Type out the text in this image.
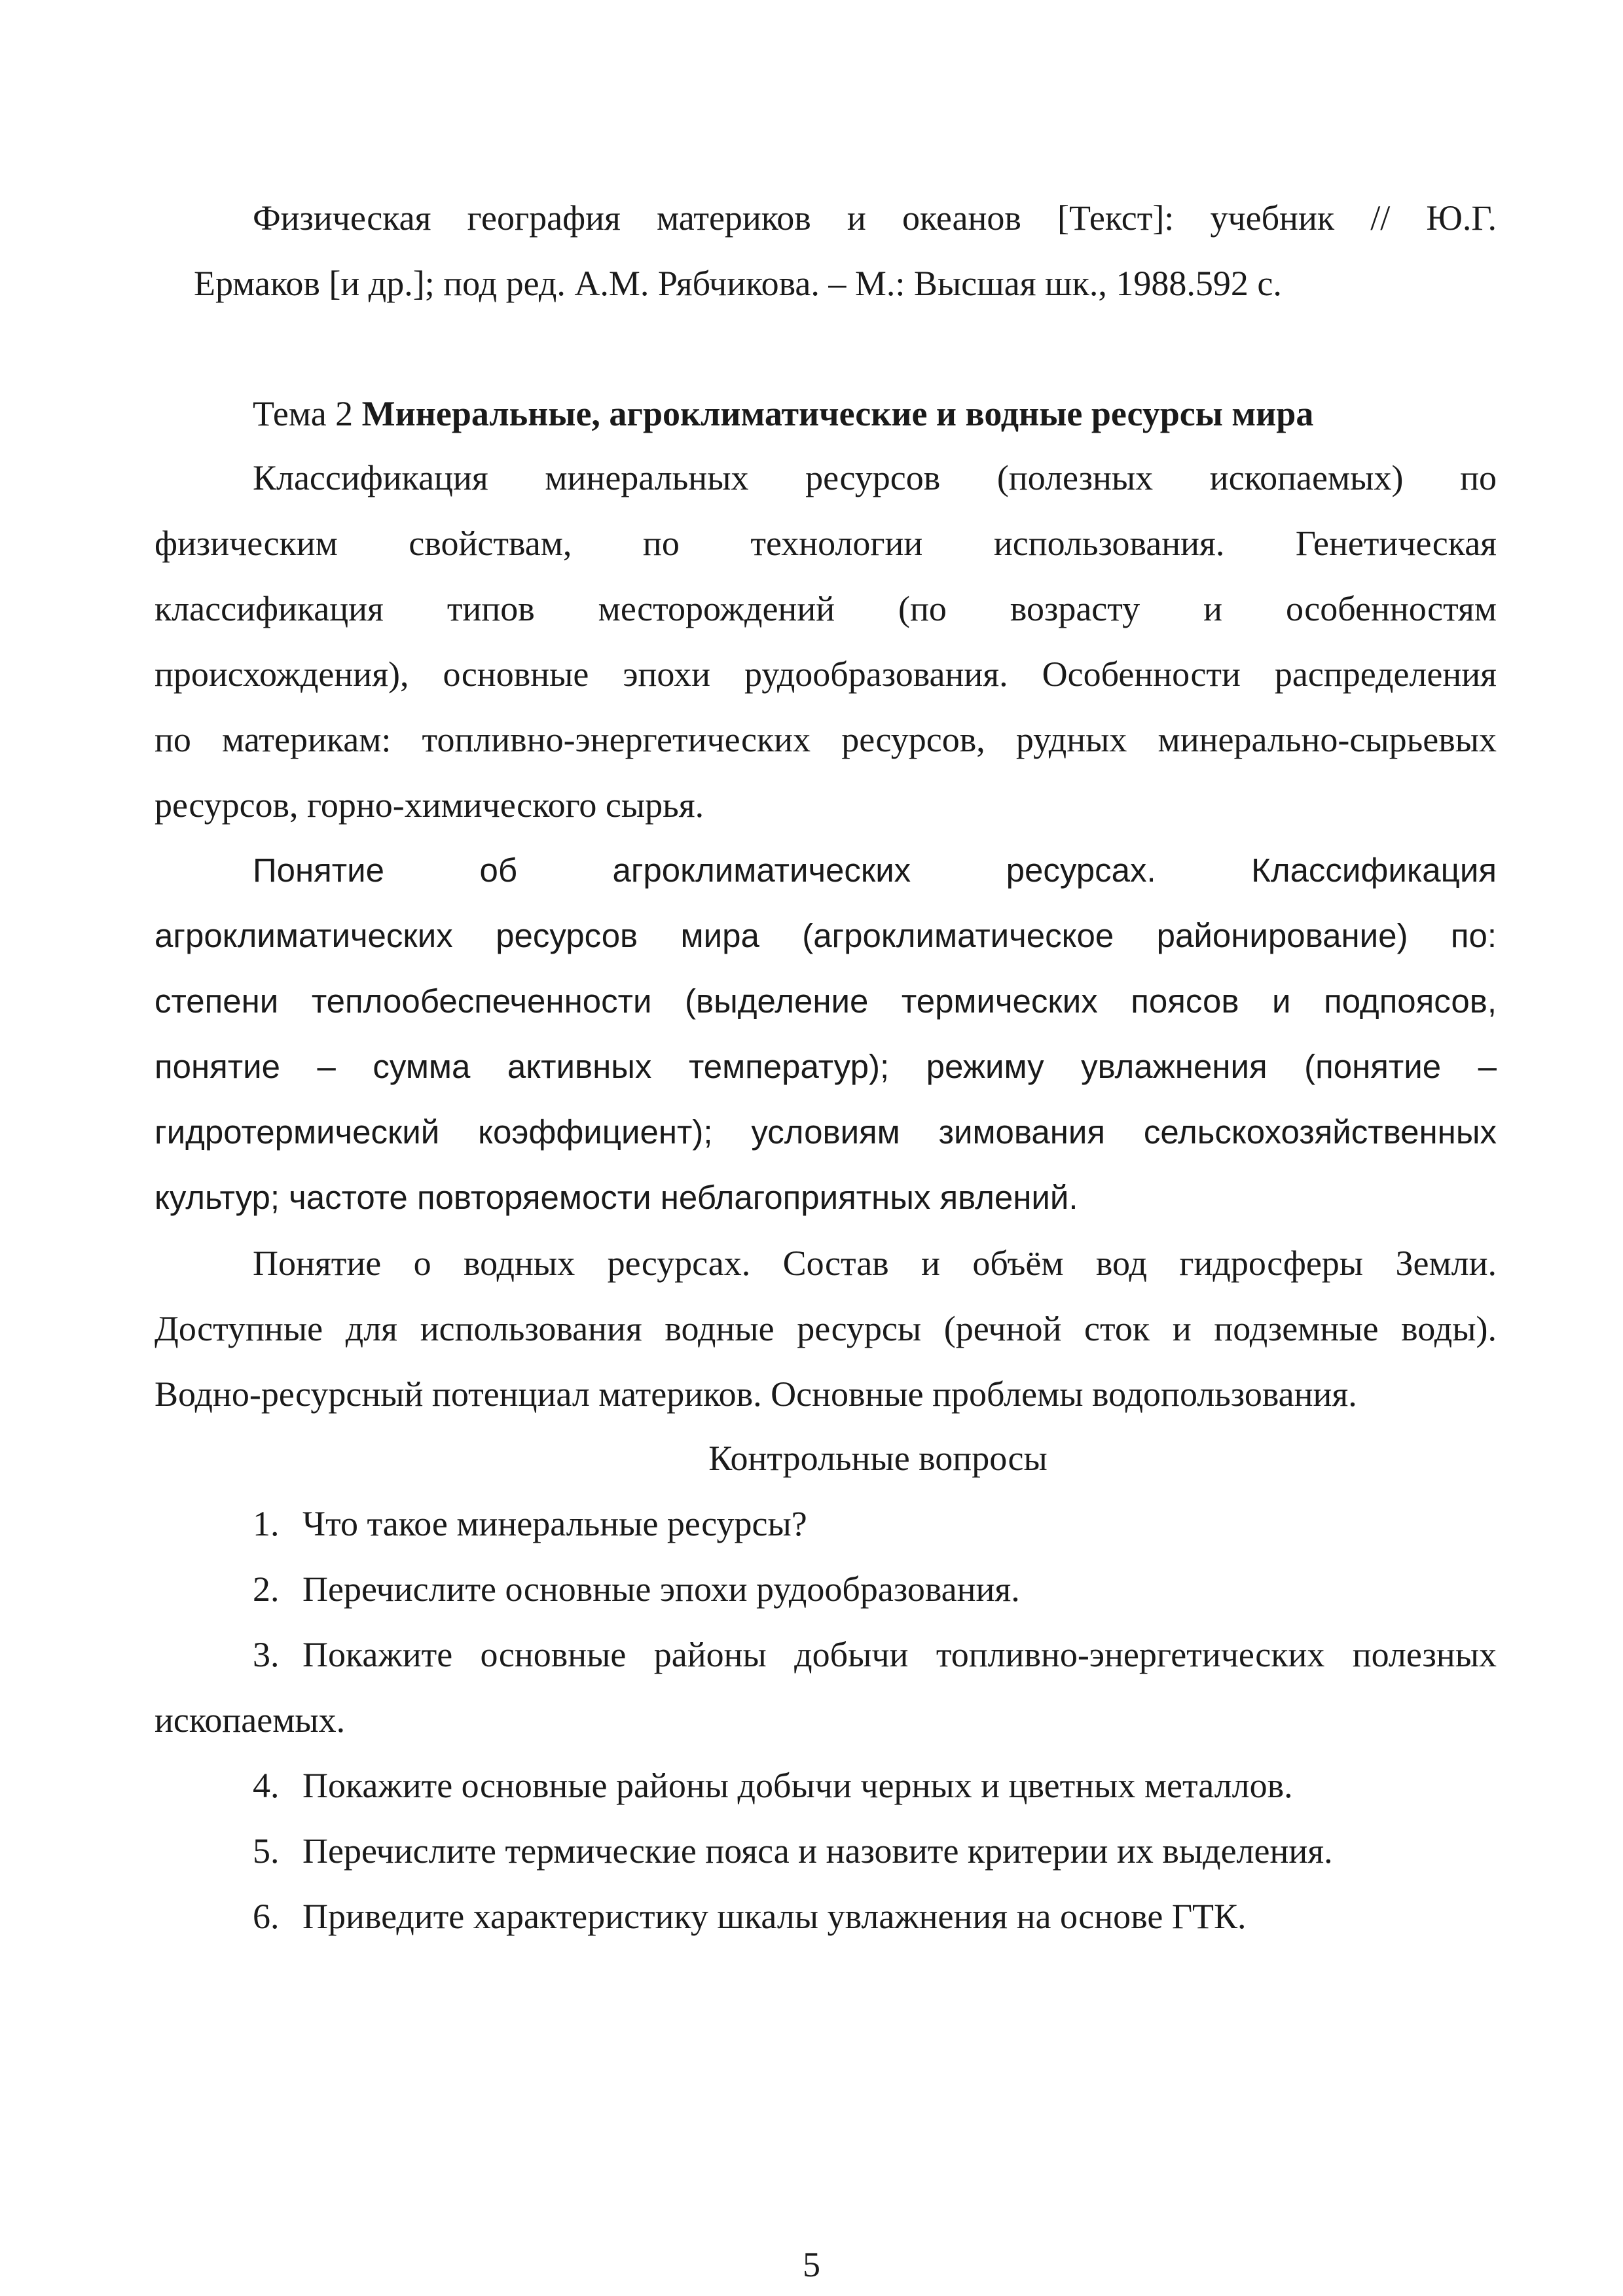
Физическая география материков и океанов [Текст]: учебник // Ю.Г.
Ермаков [и др.]; под ред. А.М. Рябчикова. – М.: Высшая шк., 1988.592 с.
Тема 2 Минеральные, агроклиматические и водные ресурсы мира
Классификация минеральных ресурсов (полезных ископаемых) по
физическим свойствам, по технологии использования. Генетическая
классификация типов месторождений (по возрасту и особенностям
происхождения), основные эпохи рудообразования. Особенности распределения
по материкам: топливно-энергетических ресурсов, рудных минерально-сырьевых
ресурсов, горно-химического сырья.
Понятие об агроклиматических ресурсах. Классификация
агроклиматических ресурсов мира (агроклиматическое районирование) по:
степени теплообеспеченности (выделение термических поясов и подпоясов,
понятие – сумма активных температур); режиму увлажнения (понятие –
гидротермический коэффициент); условиям зимования сельскохозяйственных
культур; частоте повторяемости неблагоприятных явлений.
Понятие о водных ресурсах. Состав и объём вод гидросферы Земли.
Доступные для использования водные ресурсы (речной сток и подземные воды).
Водно-ресурсный потенциал материков. Основные проблемы водопользования.
Контрольные вопросы
1. Что такое минеральные ресурсы?
2. Перечислите основные эпохи рудообразования.
3. Покажите основные районы добычи топливно-энергетических полезных
ископаемых.
4. Покажите основные районы добычи черных и цветных металлов.
5. Перечислите термические пояса и назовите критерии их выделения.
6. Приведите характеристику шкалы увлажнения на основе ГТК.
5
